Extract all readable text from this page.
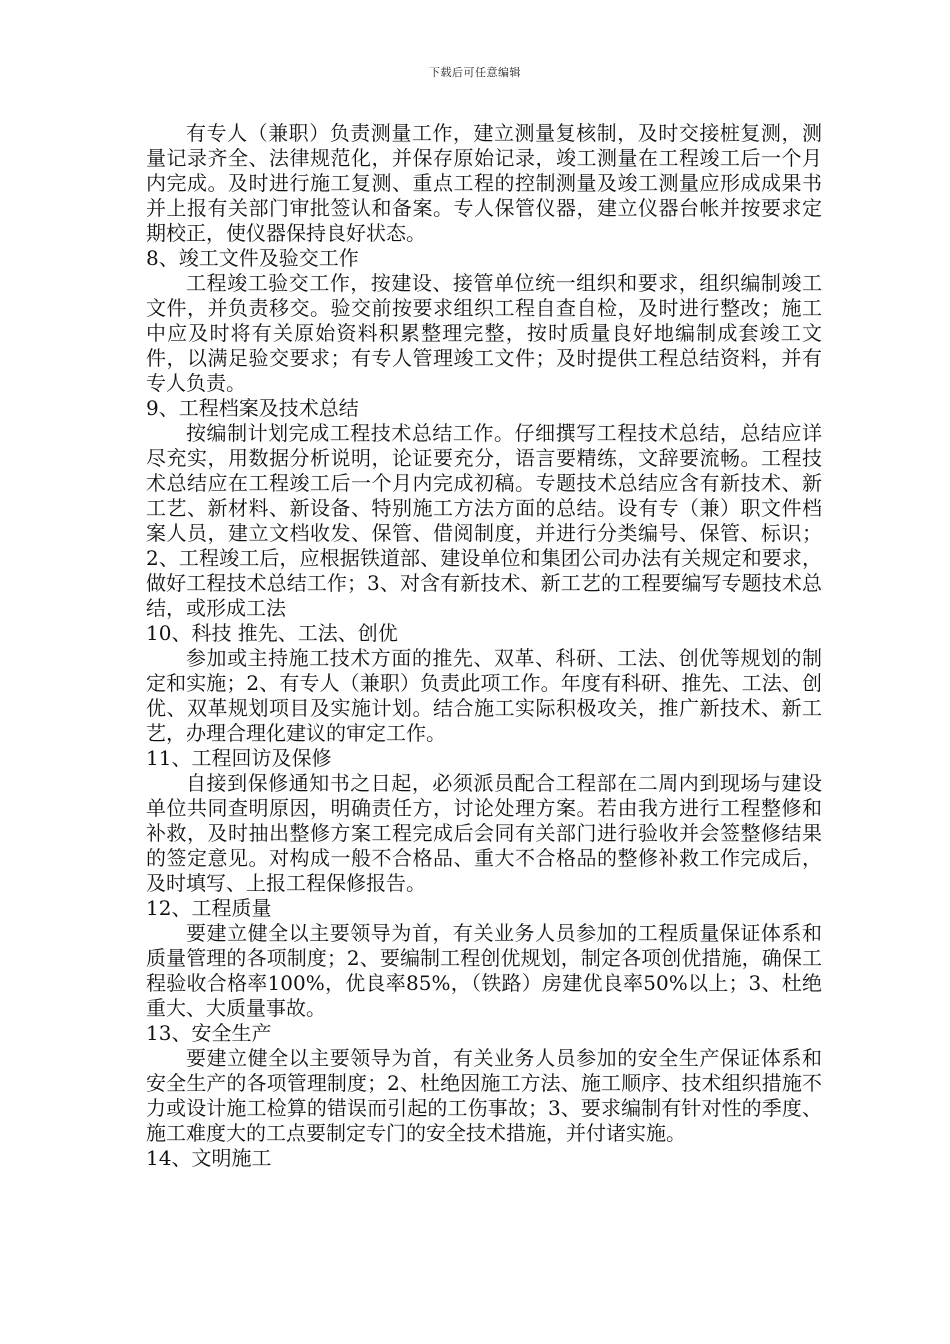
下载后可任意编辑

有专人（兼职）负责测量工作，建立测量复核制，及时交接桩复测，测量记录齐全、法律规范化，并保存原始记录，竣工测量在工程竣工后一个月内完成。及时进行施工复测、重点工程的控制测量及竣工测量应形成成果书并上报有关部门审批签认和备案。专人保管仪器，建立仪器台帐并按要求定期校正，使仪器保持良好状态。

8、竣工文件及验交工作

工程竣工验交工作，按建设、接管单位统一组织和要求，组织编制竣工文件，并负责移交。验交前按要求组织工程自查自检，及时进行整改；施工中应及时将有关原始资料积累整理完整，按时质量良好地编制成套竣工文件，以满足验交要求；有专人管理竣工文件；及时提供工程总结资料，并有专人负责。

9、工程档案及技术总结

按编制计划完成工程技术总结工作。仔细撰写工程技术总结，总结应详尽充实，用数据分析说明，论证要充分，语言要精练，文辞要流畅。工程技术总结应在工程竣工后一个月内完成初稿。专题技术总结应含有新技术、新工艺、新材料、新设备、特别施工方法方面的总结。设有专（兼）职文件档案人员，建立文档收发、保管、借阅制度，并进行分类编号、保管、标识；2、工程竣工后，应根据铁道部、建设单位和集团公司办法有关规定和要求，做好工程技术总结工作；3、对含有新技术、新工艺的工程要编写专题技术总结，或形成工法

10、科技 推先、工法、创优

参加或主持施工技术方面的推先、双革、科研、工法、创优等规划的制定和实施；2、有专人（兼职）负责此项工作。年度有科研、推先、工法、创优、双革规划项目及实施计划。结合施工实际积极攻关，推广新技术、新工艺，办理合理化建议的审定工作。

11、工程回访及保修

自接到保修通知书之日起，必须派员配合工程部在二周内到现场与建设单位共同查明原因，明确责任方，讨论处理方案。若由我方进行工程整修和补救，及时抽出整修方案工程完成后会同有关部门进行验收并会签整修结果的签定意见。对构成一般不合格品、重大不合格品的整修补救工作完成后，及时填写、上报工程保修报告。

12、工程质量

要建立健全以主要领导为首，有关业务人员参加的工程质量保证体系和质量管理的各项制度；2、要编制工程创优规划，制定各项创优措施，确保工程验收合格率100%，优良率85%，（铁路）房建优良率50%以上；3、杜绝重大、大质量事故。

13、安全生产

要建立健全以主要领导为首，有关业务人员参加的安全生产保证体系和安全生产的各项管理制度；2、杜绝因施工方法、施工顺序、技术组织措施不力或设计施工检算的错误而引起的工伤事故；3、要求编制有针对性的季度、施工难度大的工点要制定专门的安全技术措施，并付诸实施。

14、文明施工
